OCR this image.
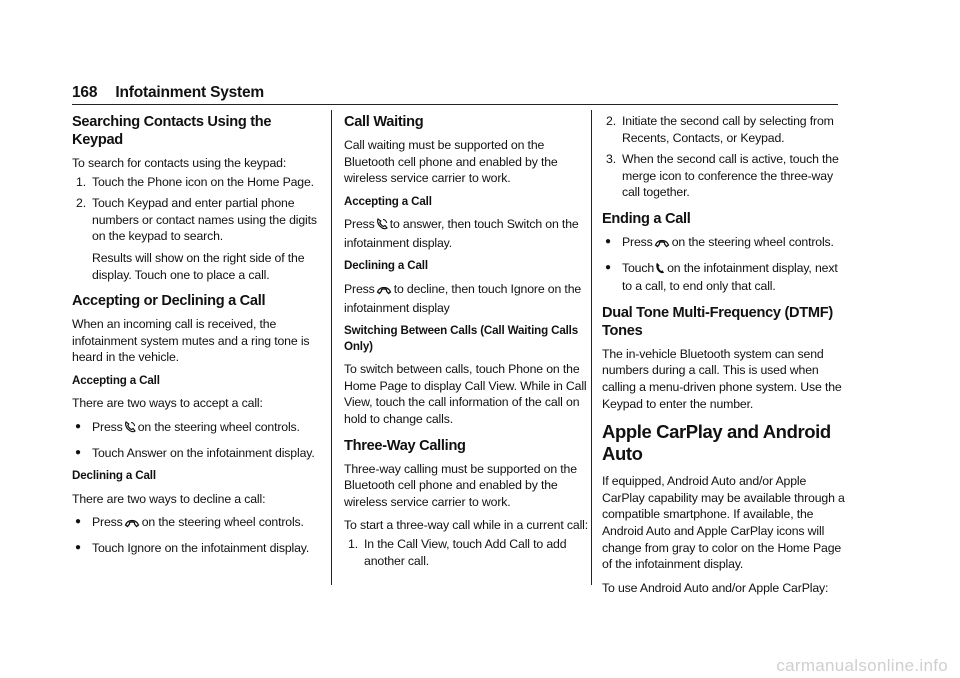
168 Infotainment System
Searching Contacts Using the Keypad

To search for contacts using the keypad:

1. Touch the Phone icon on the Home Page.
2. Touch Keypad and enter partial phone numbers or contact names using the digits on the keypad to search.

Results will show on the right side of the display. Touch one to place a call.

Accepting or Declining a Call

When an incoming call is received, the infotainment system mutes and a ring tone is heard in the vehicle.

Accepting a Call

There are two ways to accept a call:

● Press on the steering wheel controls.
● Touch Answer on the infotainment display.

Declining a Call

There are two ways to decline a call:

● Press on the steering wheel controls.
● Touch Ignore on the infotainment display.
Call Waiting

Call waiting must be supported on the Bluetooth cell phone and enabled by the wireless service carrier to work.

Accepting a Call

Press to answer, then touch Switch on the infotainment display.

Declining a Call

Press to decline, then touch Ignore on the infotainment display

Switching Between Calls (Call Waiting Calls Only)

To switch between calls, touch Phone on the Home Page to display Call View. While in Call View, touch the call information of the call on hold to change calls.

Three-Way Calling

Three-way calling must be supported on the Bluetooth cell phone and enabled by the wireless service carrier to work.

To start a three-way call while in a current call:

1. In the Call View, touch Add Call to add another call.
2. Initiate the second call by selecting from Recents, Contacts, or Keypad.
3. When the second call is active, touch the merge icon to conference the three-way call together.
Ending a Call
● Press on the steering wheel controls.
● Touch on the infotainment display, next to a call, to end only that call.
Dual Tone Multi-Frequency (DTMF) Tones

The in-vehicle Bluetooth system can send numbers during a call. This is used when calling a menu-driven phone system. Use the Keypad to enter the number.

Apple CarPlay and Android Auto

If equipped, Android Auto and/or Apple CarPlay capability may be available through a compatible smartphone. If available, the Android Auto and Apple CarPlay icons will change from gray to color on the Home Page of the infotainment display.

To use Android Auto and/or Apple CarPlay:

carmanualsonline.info
